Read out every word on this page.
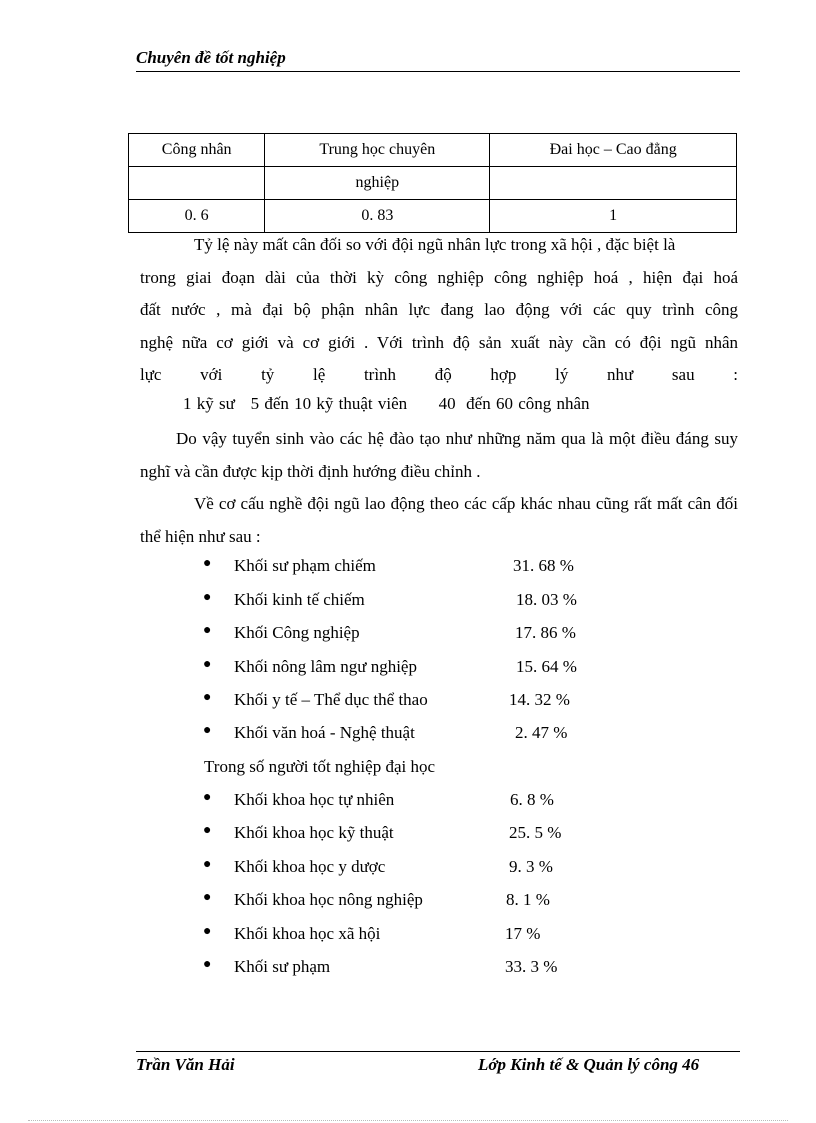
Chuyên đề tốt nghiệp
Công nhân	Trung học chuyên	Đai học – Cao đẳng
	nghiệp	
0. 6	0. 83	1
Tỷ lệ này mất cân đối so với đội ngũ nhân lực trong xã hội , đặc biệt là
trong giai đoạn dài của thời kỳ công nghiệp công nghiệp hoá , hiện đại hoá
đất nước , mà đại bộ phận nhân lực đang lao động với các quy trình công
nghệ nữa cơ giới và cơ giới . Với trình độ sản xuất này cần có đội ngũ nhân
lực với tỷ lệ trình độ hợp lý như sau :
1 kỹ sư 5 đến 10 kỹ thuật viên 40  đến 60 công nhân
Do vậy tuyển sinh vào các hệ đào tạo như những năm qua là một điều đáng suy nghĩ và cần được kịp thời định hướng điều chỉnh .
Về cơ cấu nghề đội ngũ lao động theo các cấp khác nhau cũng rất mất cân đối thể hiện như sau :
● Khối sư phạm chiếm	31. 68 %
● Khối kinh tế chiếm	18. 03 %
● Khối Công nghiệp	17. 86 %
● Khối nông lâm ngư nghiệp	15. 64 %
● Khối y tế – Thể dục thể thao	14. 32 %
● Khối văn hoá - Nghệ thuật	2. 47 %
Trong số người tốt nghiệp đại học
● Khối khoa học tự nhiên	6. 8 %
● Khối khoa học kỹ thuật	25. 5 %
● Khối khoa học y dược	9. 3 %
● Khối khoa học nông nghiệp	8. 1 %
● Khối khoa học xã hội	17 %
● Khối sư phạm	33. 3 %
Trần Văn Hải	Lớp Kinh tế & Quản lý công 46
